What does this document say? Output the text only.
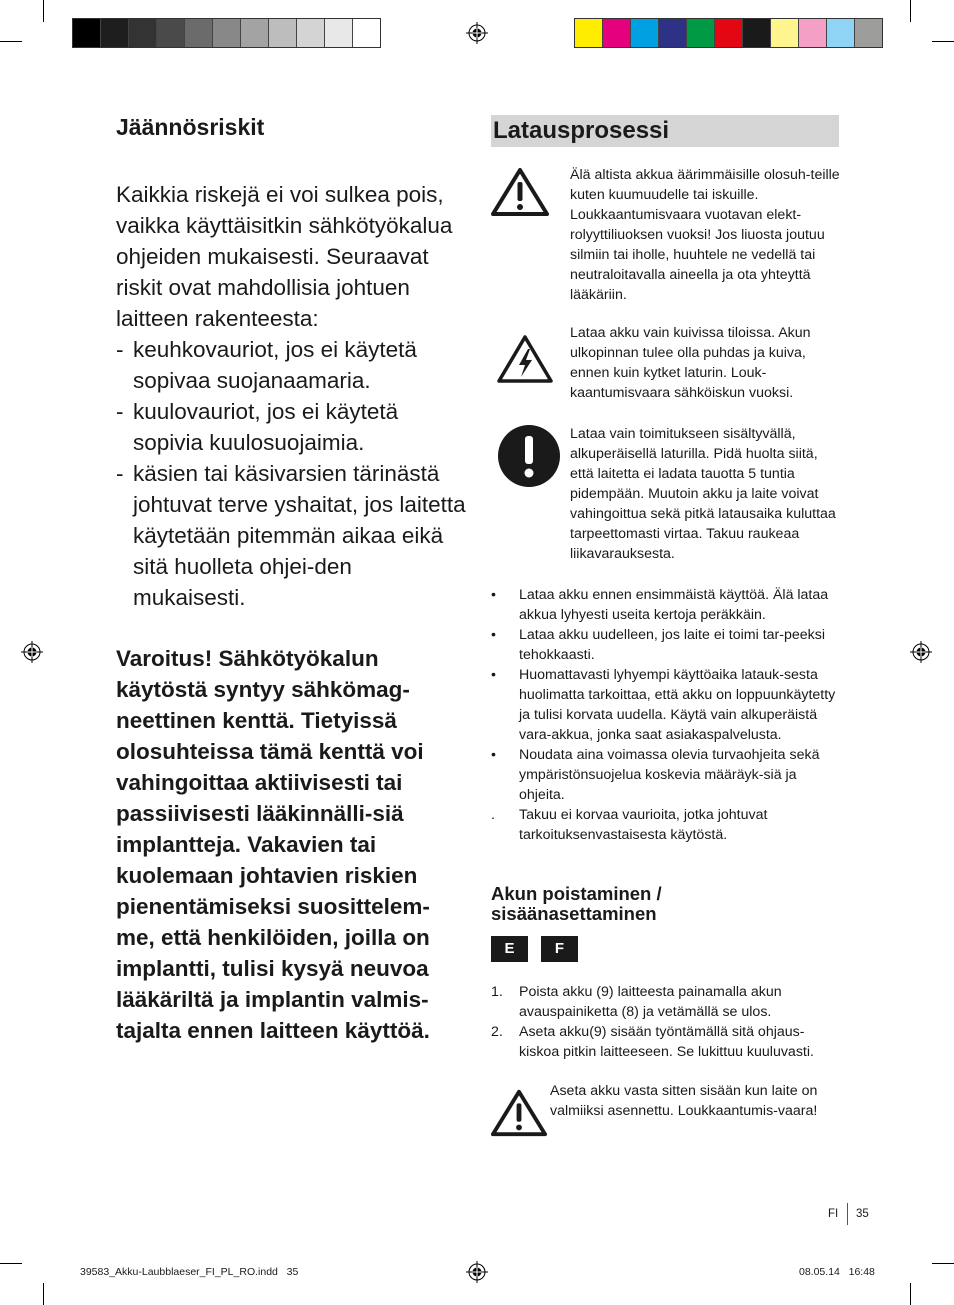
Jäännösriskit

Kaikkia riskejä ei voi sulkea pois, vaikka käyttäisitkin sähkötyökalua ohjeiden mukaisesti. Seuraavat riskit ovat mahdollisia johtuen laitteen rakenteesta:

- keuhkovauriot, jos ei käytetä sopivaa suojanaamaria.
- kuulovauriot, jos ei käytetä sopivia kuulosuojaimia.
- käsien tai käsivarsien tärinästä johtuvat terve yshaitat, jos laitetta käytetään pitemmän aikaa eikä sitä huolleta ohjei-den mukaisesti.
Varoitus! Sähkötyökalun käytöstä syntyy sähkömag-neettinen kenttä. Tietyissä olosuhteissa tämä kenttä voi vahingoittaa aktiivisesti tai passiivisesti lääkinnälli-siä implantteja. Vakavien tai kuolemaan johtavien riskien pienentämiseksi suosittelem-me, että henkilöiden, joilla on implantti, tulisi kysyä neuvoa lääkäriltä ja implantin valmis-tajalta ennen laitteen käyttöä.
Latausprosessi
Älä altista akkua äärimmäisille olosuh-teille kuten kuumuudelle tai iskuille. Loukkaantumisvaara vuotavan elekt-rolyyttiliuoksen vuoksi! Jos liuosta joutuu silmiin tai iholle, huuhtele ne vedellä tai neutraloitavalla aineella ja ota yhteyttä lääkäriin.
Lataa akku vain kuivissa tiloissa. Akun ulkopinnan tulee olla puhdas ja kuiva, ennen kuin kytket laturin. Louk-kaantumisvaara sähköiskun vuoksi.
Lataa vain toimitukseen sisältyvällä, alkuperäisellä laturilla. Pidä huolta siitä, että laitetta ei ladata tauotta 5 tuntia pidempään. Muutoin akku ja laite voivat vahingoittua sekä pitkä latausaika kuluttaa tarpeettomasti virtaa. Takuu raukeaa liikavarauksesta.
• Lataa akku ennen ensimmäistä käyttöä. Älä lataa akkua lyhyesti useita kertoja peräkkäin.
• Lataa akku uudelleen, jos laite ei toimi tar-peeksi tehokkaasti.
• Huomattavasti lyhyempi käyttöaika latauk-sesta huolimatta tarkoittaa, että akku on loppuunkäytetty ja tulisi korvata uudella. Käytä vain alkuperäistä vara-akkua, jonka saat asiakaspalvelusta.
• Noudata aina voimassa olevia turvaohjeita sekä ympäristönsuojelua koskevia määräyk-siä ja ohjeita.
. Takuu ei korvaa vaurioita, jotka johtuvat tarkoituksenvastaisesta käytöstä.
Akun poistaminen / sisäänasettaminen
E	F
1. Poista akku (9) laitteesta painamalla akun avauspainiketta (8) ja vetämällä se ulos.
2. Aseta akku(9) sisään työntämällä sitä ohjaus-kiskoa pitkin laitteeseen. Se lukittuu kuuluvasti.
Aseta akku vasta sitten sisään kun laite on valmiiksi asennettu. Loukkaantumis-vaara!
FI 35
39583_Akku-Laubblaeser_FI_PL_RO.indd   35	08.05.14   16:48
